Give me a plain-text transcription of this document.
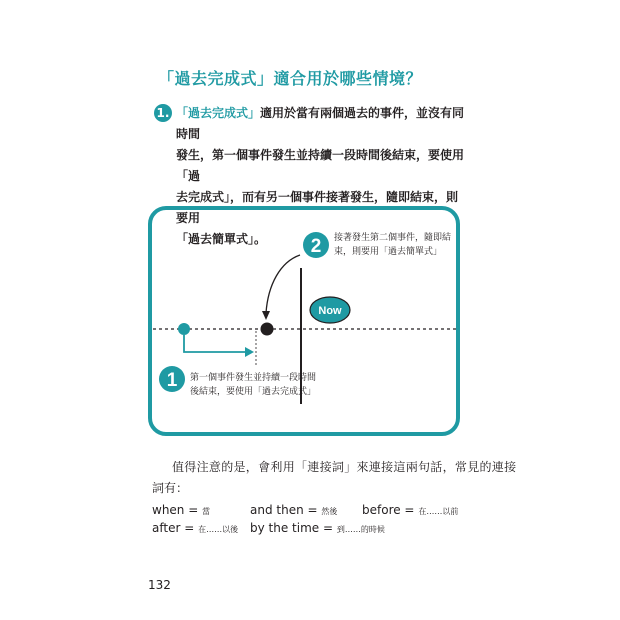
「過去完成式」適合用於哪些情境？
1. 「過去完成式」適用於當有兩個過去的事件，並沒有同時間
發生，第一個事件發生並持續一段時間後結束，要使用「過
去完成式」，而有另一個事件接著發生，隨即結束，則要用
「過去簡單式」。
Now
2
1
接著發生第二個事件，隨即結束，則要用「過去簡單式」
第一個事件發生並持續一段時間後結束，要使用「過去完成式」
值得注意的是，會利用「連接詞」來連接這兩句話，常見的連接
詞有：
when = 當	and then = 然後 before = 在……以前
after = 在……以後 by the time = 到……的時候
132
